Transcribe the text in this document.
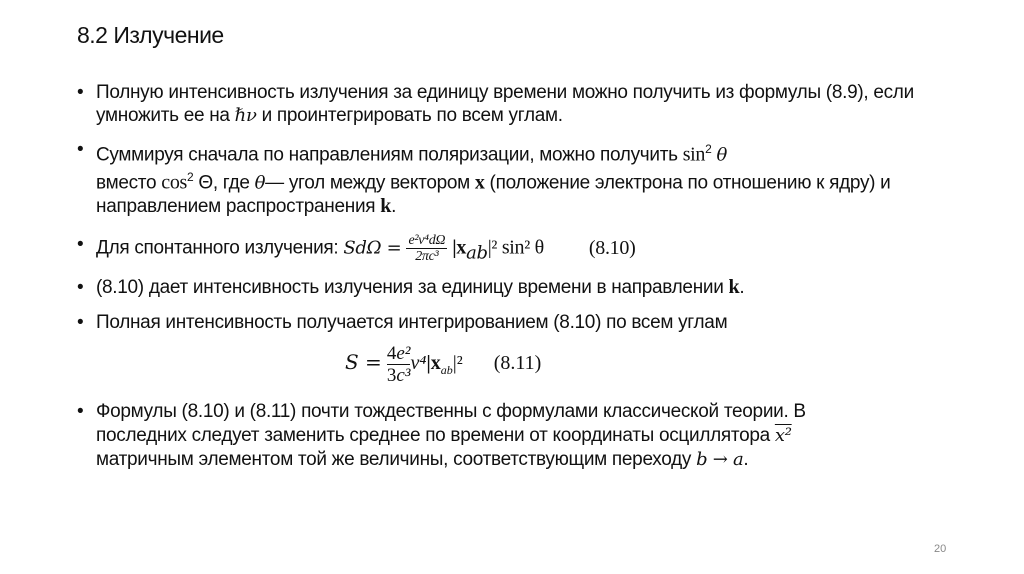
8.2 Излучение
• Полную интенсивность излучения за единицу времени можно получить из формулы (8.9), если умножить ее на ℏν и проинтегрировать по всем углам.
• Суммируя сначала по направлениям поляризации, можно получить $\sin^2 \theta$
вместо $\cos^2 \Theta$, где θ— угол между вектором x (положение электрона по отношению к ядру) и направлением распространения k.
• Для спонтанного излучения: $Sd\Omega = \frac{\text{e²ν⁴dΩ}}{\text{2πc³}} |x_{ab}|^2$ sin² θ (8.10)
• (8.10) дает интенсивность излучения за единицу времени в направлении k.
• Полная интенсивность получается интегрированием (8.10) по всем углам
$S = \frac{4}{3} \frac{\text{e²}}{\text{c³}} \nu^4|x_{ab}|^2$ (8.11)
• Формулы (8.10) и (8.11) почти тождественны с формулами классической теории. В последних следует заменить среднее по времени от координаты осциллятора x² матричным элементом той же величины, соответствующим переходу b → a.
20
